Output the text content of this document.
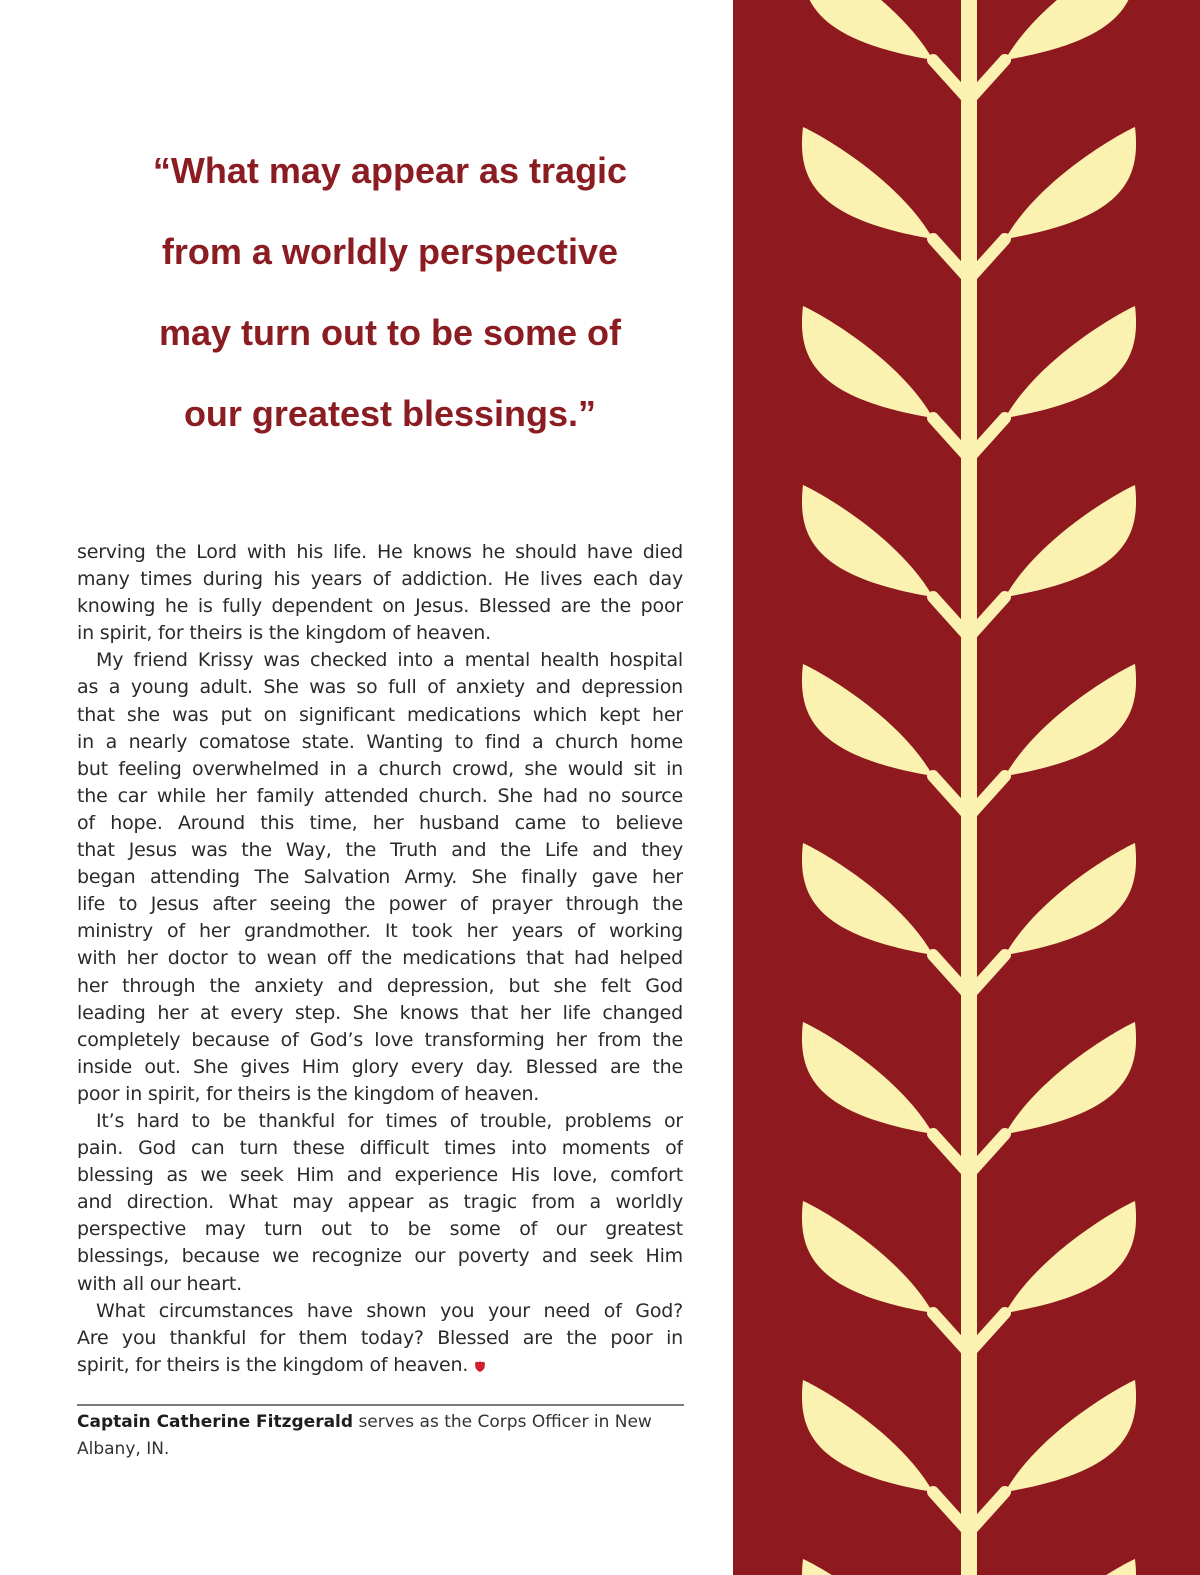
“What may appear as tragic
from a worldly perspective
may turn out to be some of
our greatest blessings.”
serving the Lord with his life. He knows he should have died
many times during his years of addiction. He lives each day
knowing he is fully dependent on Jesus. Blessed are the poor
in spirit, for theirs is the kingdom of heaven.
My friend Krissy was checked into a mental health hospital
as a young adult. She was so full of anxiety and depression
that she was put on significant medications which kept her
in a nearly comatose state. Wanting to find a church home
but feeling overwhelmed in a church crowd, she would sit in
the car while her family attended church. She had no source
of hope. Around this time, her husband came to believe
that Jesus was the Way, the Truth and the Life and they
began attending The Salvation Army. She finally gave her
life to Jesus after seeing the power of prayer through the
ministry of her grandmother. It took her years of working
with her doctor to wean off the medications that had helped
her through the anxiety and depression, but she felt God
leading her at every step. She knows that her life changed
completely because of God’s love transforming her from the
inside out. She gives Him glory every day. Blessed are the
poor in spirit, for theirs is the kingdom of heaven.
It’s hard to be thankful for times of trouble, problems or
pain. God can turn these difficult times into moments of
blessing as we seek Him and experience His love, comfort
and direction. What may appear as tragic from a worldly
perspective may turn out to be some of our greatest
blessings, because we recognize our poverty and seek Him
with all our heart.
What circumstances have shown you your need of God?
Are you thankful for them today? Blessed are the poor in
spirit, for theirs is the kingdom of heaven.
Captain Catherine Fitzgerald serves as the Corps Officer in New
Albany, IN.
